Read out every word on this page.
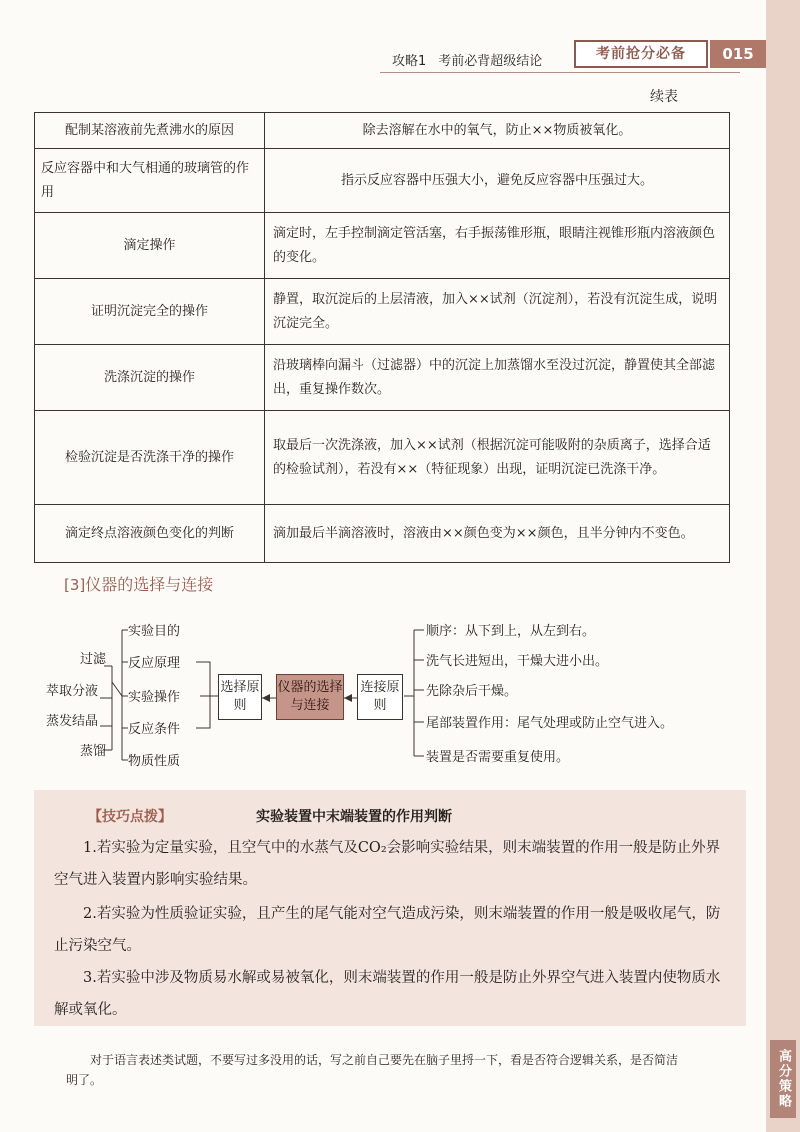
高分策略
攻略1 考前必背超级结论	考前抢分必备	015
续表
配制某溶液前先煮沸水的原因	除去溶解在水中的氧气，防止××物质被氧化。
反应容器中和大气相通的玻璃管的作用	指示反应容器中压强大小，避免反应容器中压强过大。
滴定操作	滴定时，左手控制滴定管活塞，右手振荡锥形瓶，眼睛注视锥形瓶内溶液颜色的变化。
证明沉淀完全的操作	静置，取沉淀后的上层清液，加入××试剂（沉淀剂），若没有沉淀生成，说明沉淀完全。
洗涤沉淀的操作	沿玻璃棒向漏斗（过滤器）中的沉淀上加蒸馏水至没过沉淀，静置使其全部滤出，重复操作数次。
检验沉淀是否洗涤干净的操作	取最后一次洗涤液，加入××试剂（根据沉淀可能吸附的杂质离子，选择合适的检验试剂），若没有××（特征现象）出现，证明沉淀已洗涤干净。
滴定终点溶液颜色变化的判断	滴加最后半滴溶液时，溶液由××颜色变为××颜色，且半分钟内不变色。
[3]仪器的选择与连接
实验目的
反应原理
实验操作
反应条件
物质性质
过滤
萃取分液
蒸发结晶
蒸馏
选择原则
仪器的选择与连接
连接原则
顺序：从下到上，从左到右。
洗气长进短出，干燥大进小出。
先除杂后干燥。
尾部装置作用：尾气处理或防止空气进入。
装置是否需要重复使用。
【技巧点拨】	实验装置中末端装置的作用判断
1.若实验为定量实验，且空气中的水蒸气及CO₂会影响实验结果，则末端装置的作用一般是防止外界空气进入装置内影响实验结果。
2.若实验为性质验证实验，且产生的尾气能对空气造成污染，则末端装置的作用一般是吸收尾气，防止污染空气。
3.若实验中涉及物质易水解或易被氧化，则末端装置的作用一般是防止外界空气进入装置内使物质水解或氧化。
对于语言表述类试题，不要写过多没用的话，写之前自己要先在脑子里捋一下，看是否符合逻辑关系，是否简洁明了。
